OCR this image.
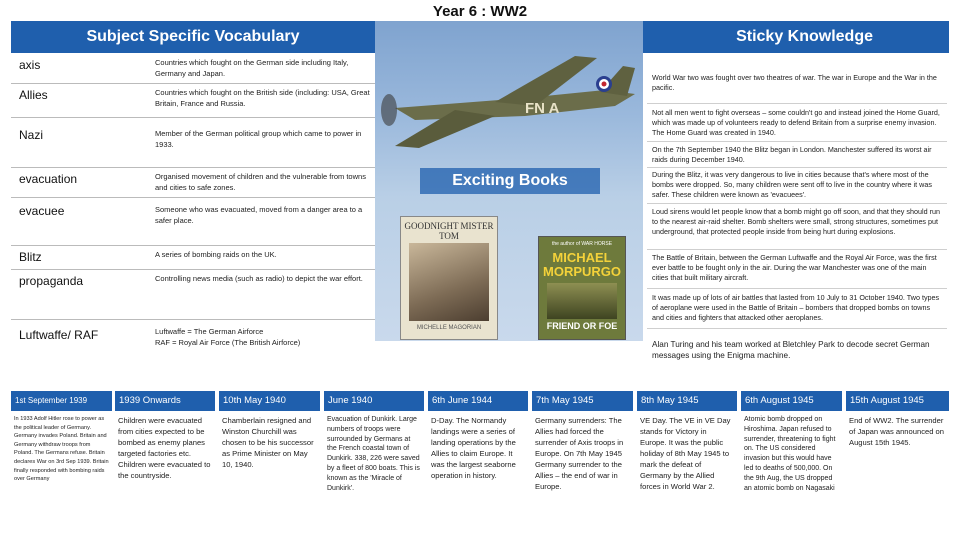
Year 6 : WW2
Subject Specific Vocabulary
axis	Countries which fought on the German side including Italy, Germany and Japan.
Allies	Countries which fought on the British side (including: USA, Great Britain, France and Russia.
Nazi	Member of the German political group which came to power in 1933.
evacuation	Organised movement of children and the vulnerable from towns and cities to safe zones.
evacuee	Someone who was evacuated, moved from a danger area to a safer place.
Blitz	A series of bombing raids on the UK.
propaganda	Controlling news media (such as radio) to depict the war effort.
Luftwaffe/ RAF	Luftwaffe = The German Airforce
RAF = Royal Air Force (The British Airforce)
FN A
Exciting Books
GOODNIGHT MISTER TOM
MICHELLE MAGORIAN
the author of WAR HORSE
MICHAEL MORPURGO
FRIEND OR FOE
Sticky Knowledge
World War two was fought over two theatres of war. The war in Europe and the War in the pacific.
Not all men went to fight overseas – some couldn't go and instead joined the Home Guard, which was made up of volunteers ready to defend Britain from a surprise enemy invasion. The Home Guard was created in 1940.
On the 7th September 1940 the Blitz began in London. Manchester suffered its worst air raids during December 1940.
During the Blitz, it was very dangerous to live in cities because that's where most of the bombs were dropped. So, many children were sent off to live in the country where it was safer. These children were known as 'evacuees'.
Loud sirens would let people know that a bomb might go off soon, and that they should run to the nearest air-raid shelter. Bomb shelters were small, strong structures, sometimes put underground, that protected people inside from being hurt during explosions.
The Battle of Britain, between the German Luftwaffe and the Royal Air Force, was the first ever battle to be fought only in the air. During the war Manchester was one of the main cities that built military aircraft.
It was made up of lots of air battles that lasted from 10 July to 31 October 1940. Two types of aeroplane were used in the Battle of Britain – bombers that dropped bombs on towns and cities and fighters that attacked other aeroplanes.
Alan Turing and his team worked at Bletchley Park to decode secret German messages using the Enigma machine.
1st September 1939
In 1933 Adolf Hitler rose to power as the political leader of Germany. Germany invades Poland. Britain and Germany withdraw troops from Poland. The Germans refuse. Britain declares War on 3rd Sep 1939. Britain finally responded with bombing raids over Germany
1939 Onwards
Children were evacuated from cities expected to be bombed as enemy planes targeted factories etc. Children were evacuated to the countryside.
10th May 1940
Chamberlain resigned and Winston Churchill was chosen to be his successor as Prime Minister on May 10, 1940.
June 1940
Evacuation of Dunkirk. Large numbers of troops were surrounded by Germans at the French coastal town of Dunkirk. 338, 226 were saved by a fleet of 800 boats. This is known as the 'Miracle of Dunkirk'.
6th June 1944
D-Day. The Normandy landings were a series of landing operations by the Allies to claim Europe. It was the largest seaborne operation in history.
7th May 1945
Germany surrenders: The Allies had forced the surrender of Axis troops in Europe. On 7th May 1945 Germany surrender to the Allies – the end of war in Europe.
8th May 1945
VE Day. The VE in VE Day stands for Victory in Europe. It was the public holiday of 8th May 1945 to mark the defeat of Germany by the Allied forces in World War 2.
6th August 1945
Atomic bomb dropped on Hiroshima. Japan refused to surrender, threatening to fight on. The US considered invasion but this would have led to deaths of 500,000. On the 9th Aug, the US dropped an atomic bomb on Nagasaki
15th August 1945
End of WW2. The surrender of Japan was announced on August 15th 1945.
